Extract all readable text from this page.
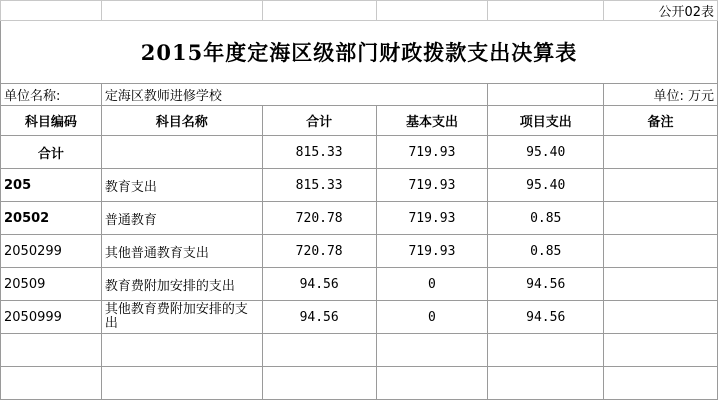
					公开02表
2015年度定海区级部门财政拨款支出决算表					
单位名称:	定海区教师进修学校				单位: 万元
科目编码	科目名称	合计	基本支出	项目支出	备注
合计		815.33	719.93	95.40	
205	教育支出	815.33	719.93	95.40	
20502	普通教育	720.78	719.93	0.85	
2050299	其他普通教育支出	720.78	719.93	0.85	
20509	教育费附加安排的支出	94.56	0	94.56	
2050999	其他教育费附加安排的支出	94.56	0	94.56	
